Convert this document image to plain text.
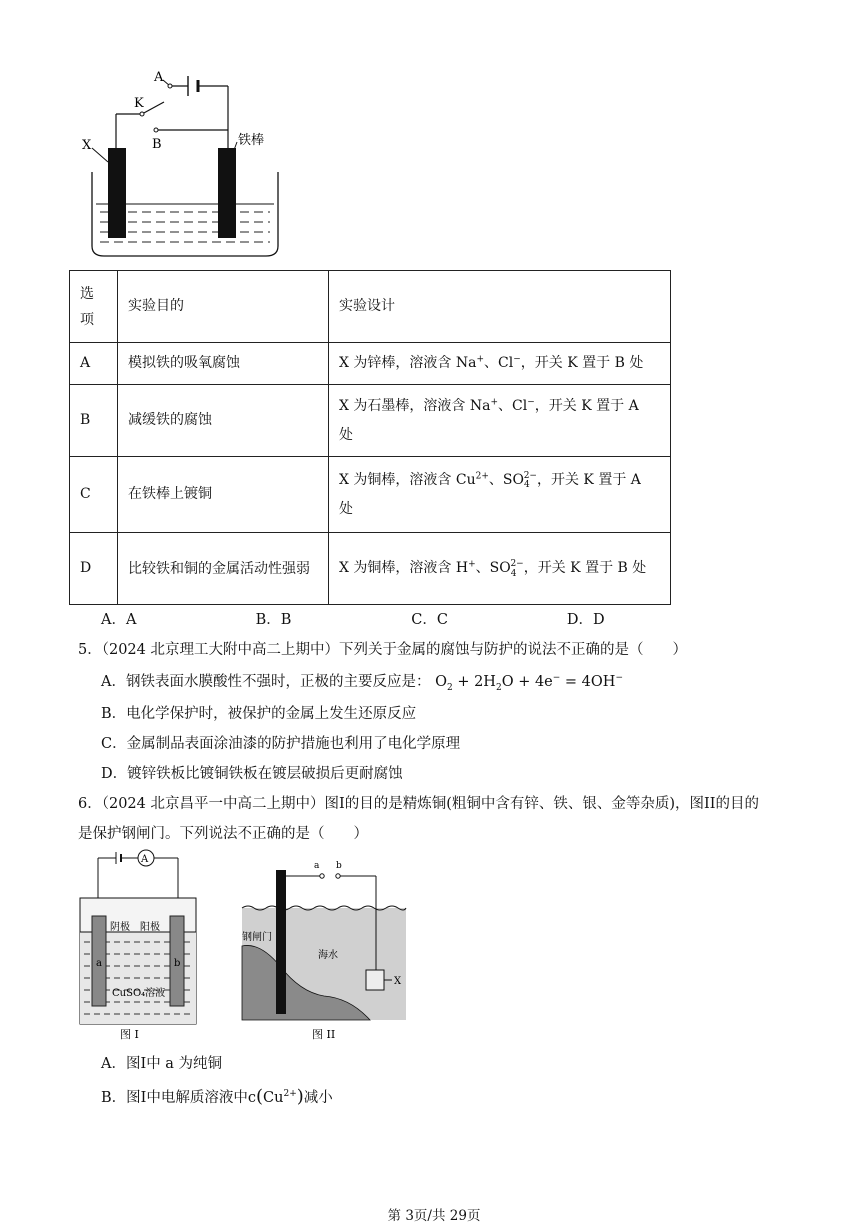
A
K
B
X	铁棒
选项	实验目的	实验设计
A	模拟铁的吸氧腐蚀	X 为锌棒，溶液含 Na+、Cl−，开关 K 置于 B 处
B	减缓铁的腐蚀	X 为石墨棒，溶液含 Na+、Cl−，开关 K 置于 A
处
C	在铁棒上镀铜	X 为铜棒，溶液含 $Cu^{2+}$、$SO_4^{2-}$，开关 K 置于 A
处
D	比较铁和铜的金属活动性强弱	X 为铜棒，溶液含 H+、$SO_4^{2-}$，开关 K 置于 B 处
A．A	B．B	C．C	D．D
5．（2024 北京理工大附中高二上期中）下列关于金属的腐蚀与防护的说法不正确的是（　　）
A．钢铁表面水膜酸性不强时，正极的主要反应是： $O_2 + 2H_2O + 4e^- = 4OH^-$
B．电化学保护时，被保护的金属上发生还原反应
C．金属制品表面涂油漆的防护措施也利用了电化学原理
D．镀锌铁板比镀铜铁板在镀层破损后更耐腐蚀
6．（2024 北京昌平一中高二上期中）图I的目的是精炼铜(粗铜中含有锌、铁、银、金等杂质)，图II的目的
是保护钢闸门。下列说法不正确的是（　　）
A
阴极 阳极
a	b
CuSO₄溶液
图 I
a b
X
钢闸门
海水
图 II
A．图I中 a 为纯铜
B．图I中电解质溶液中$c(Cu^{2+})$减小
第 3页/共 29页
